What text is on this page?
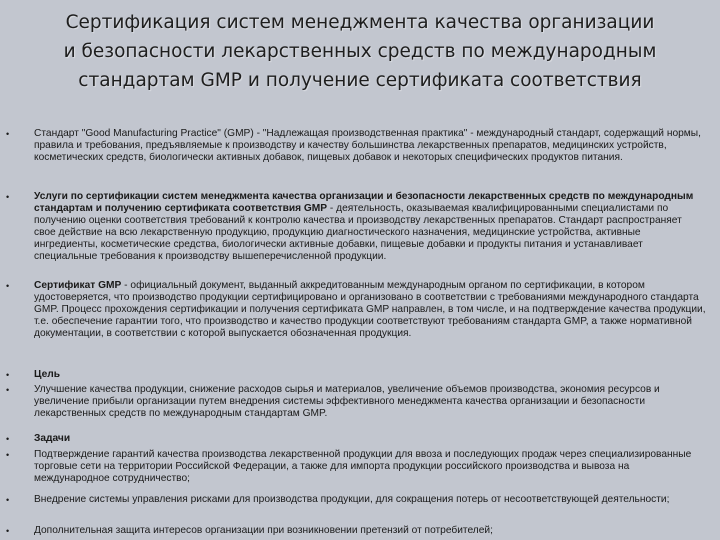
Сертификация систем менеджмента качества организации
и безопасности лекарственных средств по международным
стандартам GMP и получение сертификата соответствия
• Стандарт "Good Manufacturing Practice" (GMP) - "Надлежащая производственная практика" - международный стандарт, содержащий нормы, правила и требования, предъявляемые к производству и качеству большинства лекарственных препаратов, медицинских устройств, косметических средств, биологически активных добавок, пищевых добавок и некоторых специфических продуктов питания.
• Услуги по сертификации систем менеджмента качества организации и безопасности лекарственных средств по международным стандартам и получению сертификата соответствия GMP - деятельность, оказываемая квалифицированными специалистами по получению оценки соответствия требований к контролю качества и производству лекарственных препаратов. Стандарт распространяет свое действие на всю лекарственную продукцию, продукцию диагностического назначения, медицинские устройства, активные ингредиенты, косметические средства, биологически активные добавки, пищевые добавки и продукты питания и устанавливает специальные требования к производству вышеперечисленной продукции.
• Сертификат GMP - официальный документ, выданный аккредитованным международным органом по сертификации, в котором удостоверяется, что производство продукции сертифицировано и организовано в соответствии с требованиями международного стандарта GMP. Процесс прохождения сертификации и получения сертификата GMP направлен, в том числе, и на подтверждение качества продукции, т.е. обеспечение гарантии того, что производство и качество продукции соответствуют требованиям стандарта GMP, а также нормативной документации, в соответствии с которой выпускается обозначенная продукция.
• Цель
• Улучшение качества продукции, снижение расходов сырья и материалов, увеличение объемов производства, экономия ресурсов и увеличение прибыли организации путем внедрения системы эффективного менеджмента качества организации и безопасности лекарственных средств по международным стандартам GMP.
• Задачи
• Подтверждение гарантий качества производства лекарственной продукции для ввоза и последующих продаж через специализированные торговые сети на территории Российской Федерации, а также для импорта продукции российского производства и вывоза на международное сотрудничество;
• Внедрение системы управления рисками для производства продукции, для сокращения потерь от несоответствующей деятельности;
• Дополнительная защита интересов организации при возникновении претензий от потребителей;
